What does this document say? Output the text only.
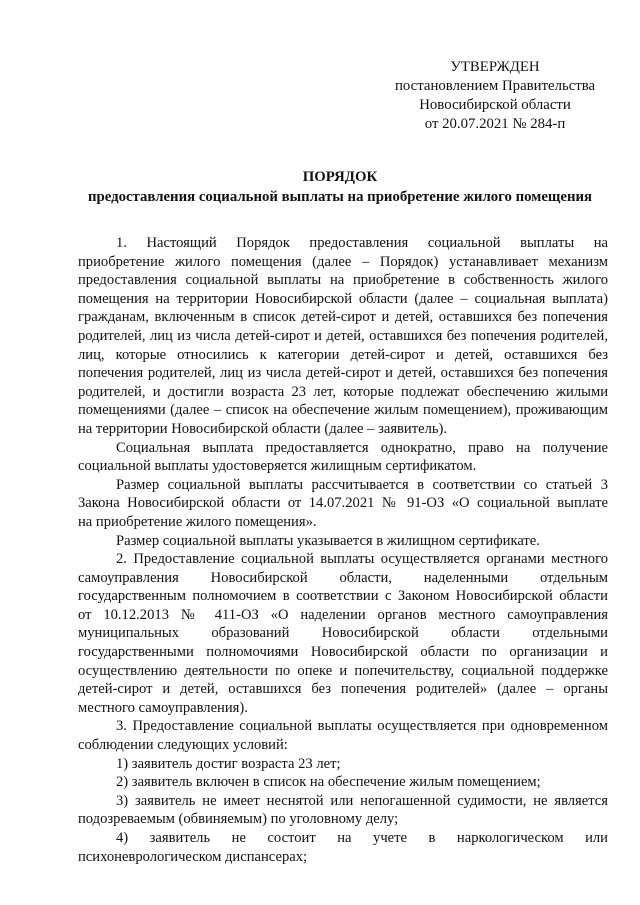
УТВЕРЖДЕН
постановлением Правительства
Новосибирской области
от 20.07.2021 № 284-п
ПОРЯДОК
предоставления социальной выплаты на приобретение жилого помещения
1. Настоящий Порядок предоставления социальной выплаты на
приобретение жилого помещения (далее – Порядок) устанавливает механизм
предоставления социальной выплаты на приобретение в собственность жилого
помещения на территории Новосибирской области (далее – социальная выплата)
гражданам, включенным в список детей-сирот и детей, оставшихся без попечения
родителей, лиц из числа детей-сирот и детей, оставшихся без попечения родителей,
лиц, которые относились к категории детей-сирот и детей, оставшихся без
попечения родителей, лиц из числа детей-сирот и детей, оставшихся без попечения
родителей, и достигли возраста 23 лет, которые подлежат обеспечению жилыми
помещениями (далее – список на обеспечение жилым помещением), проживающим
на территории Новосибирской области (далее – заявитель).
Социальная выплата предоставляется однократно, право на получение
социальной выплаты удостоверяется жилищным сертификатом.
Размер социальной выплаты рассчитывается в соответствии со статьей 3
Закона Новосибирской области от 14.07.2021 № 91-ОЗ «О социальной выплате
на приобретение жилого помещения».
Размер социальной выплаты указывается в жилищном сертификате.
2. Предоставление социальной выплаты осуществляется органами местного
самоуправления Новосибирской области, наделенными отдельным
государственным полномочием в соответствии с Законом Новосибирской области
от 10.12.2013 № 411-ОЗ «О наделении органов местного самоуправления
муниципальных образований Новосибирской области отдельными
государственными полномочиями Новосибирской области по организации и
осуществлению деятельности по опеке и попечительству, социальной поддержке
детей-сирот и детей, оставшихся без попечения родителей» (далее – органы
местного самоуправления).
3. Предоставление социальной выплаты осуществляется при одновременном
соблюдении следующих условий:
1) заявитель достиг возраста 23 лет;
2) заявитель включен в список на обеспечение жилым помещением;
3) заявитель не имеет неснятой или непогашенной судимости, не является
подозреваемым (обвиняемым) по уголовному делу;
4) заявитель не состоит на учете в наркологическом или
психоневрологическом диспансерах;
